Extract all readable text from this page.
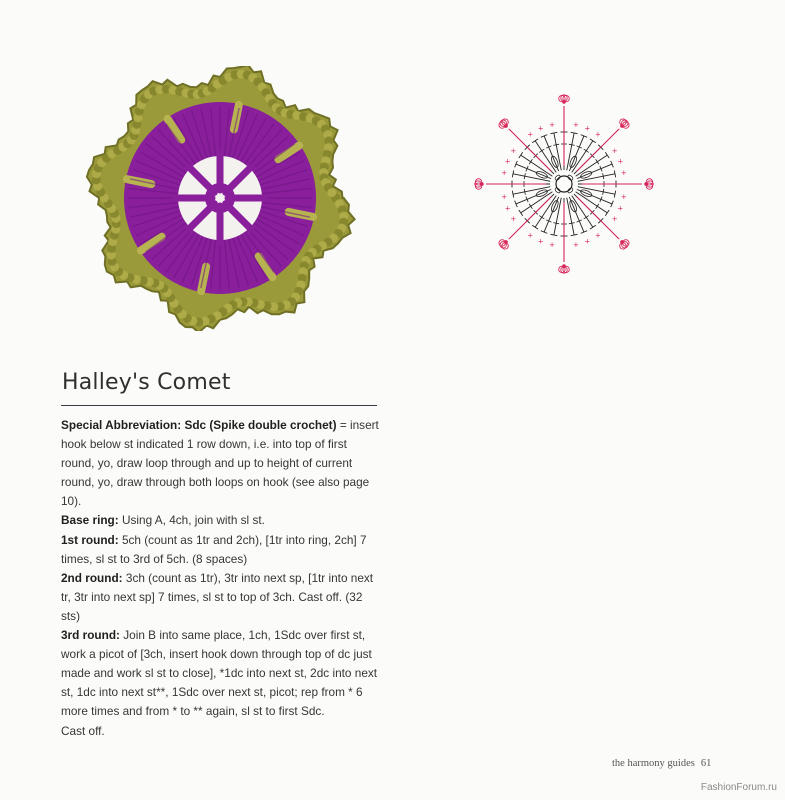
+
+
+
+
+
+
+
+
+
+
+
+
+
+
+
+
+ +	+ +
+
+
+
+
Halley's Comet

Special Abbreviation: Sdc (Spike double crochet) = insert hook below st indicated 1 row down, i.e. into top of first round, yo, draw loop through and up to height of current round, yo, draw through both loops on hook (see also page 10).

Base ring: Using A, 4ch, join with sl st.

1st round: 5ch (count as 1tr and 2ch), [1tr into ring, 2ch] 7 times, sl st to 3rd of 5ch. (8 spaces)

2nd round: 3ch (count as 1tr), 3tr into next sp, [1tr into next tr, 3tr into next sp] 7 times, sl st to top of 3ch. Cast off. (32 sts)

3rd round: Join B into same place, 1ch, 1Sdc over first st, work a picot of [3ch, insert hook down through top of dc just made and work sl st to close], *1dc into next st, 2dc into next st, 1dc into next st**, 1Sdc over next st, picot; rep from * 6 more times and from * to ** again, sl st to first Sdc.

Cast off.

the harmony guides 61
FashionForum.ru
